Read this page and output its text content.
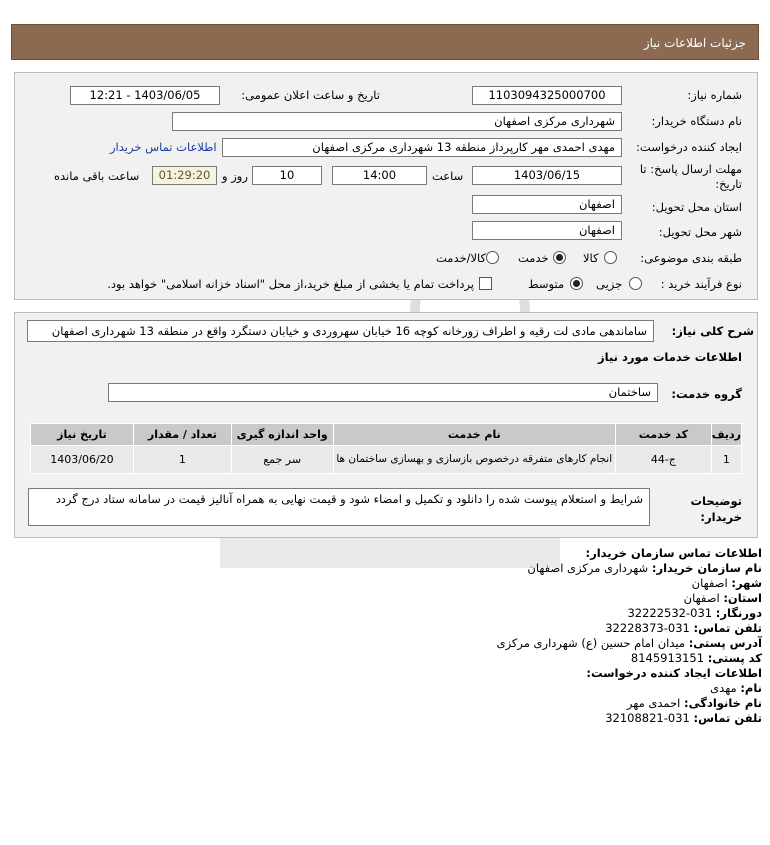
جزئیات اطلاعات نیاز
شماره نیاز:
1103094325000700
تاریخ و ساعت اعلان عمومی:
1403/06/05 - 12:21
نام دستگاه خریدار:
شهرداری مرکزی اصفهان
ایجاد کننده درخواست:
مهدی احمدی مهر کارپرداز منطقه 13 شهرداری مرکزی اصفهان
اطلاعات تماس خریدار
مهلت ارسال پاسخ: تا
تاریخ:
1403/06/15
ساعت
14:00
10
روز و
01:29:20
ساعت باقی مانده
استان محل تحویل:
اصفهان
شهر محل تحویل:
اصفهان
طبقه بندی موضوعی:
کالا
خدمت
کالا/خدمت
نوع فرآیند خرید :
جزیی
متوسط
پرداخت تمام یا بخشی از مبلغ خرید،از محل "اسناد خزانه اسلامی" خواهد بود.
شرح کلی نیاز:
ساماندهی مادی لت رقیه و اطراف زورخانه کوچه 16 خیابان سهروردی و خیابان دستگرد واقع در منطقه 13 شهرداری اصفهان
اطلاعات خدمات مورد نیاز
گروه خدمت:
ساختمان
ردیف	کد خدمت	نام خدمت	واحد اندازه گیری	تعداد / مقدار	تاریخ نیاز
1	ج-44	انجام کارهای متفرقه درخصوص بازسازی و بهسازی ساختمان ها	سر جمع	1	1403/06/20
توضیحات
خریدار:
شرایط و استعلام پیوست شده را دانلود و تکمیل و امضاء شود و قیمت نهایی به همراه آنالیز قیمت در سامانه ستاد درج گردد
اطلاعات تماس سازمان خریدار:
نام سازمان خریدار: شهرداری مرکزی اصفهان
شهر: اصفهان
استان: اصفهان
دورنگار: 031-32222532
تلفن تماس: 031-32228373
آدرس پستی: میدان امام حسین (ع) شهرداری مرکزی
کد پستی: 8145913151
اطلاعات ایجاد کننده درخواست:
نام: مهدی
نام خانوادگی: احمدی مهر
تلفن تماس: 031-32108821
